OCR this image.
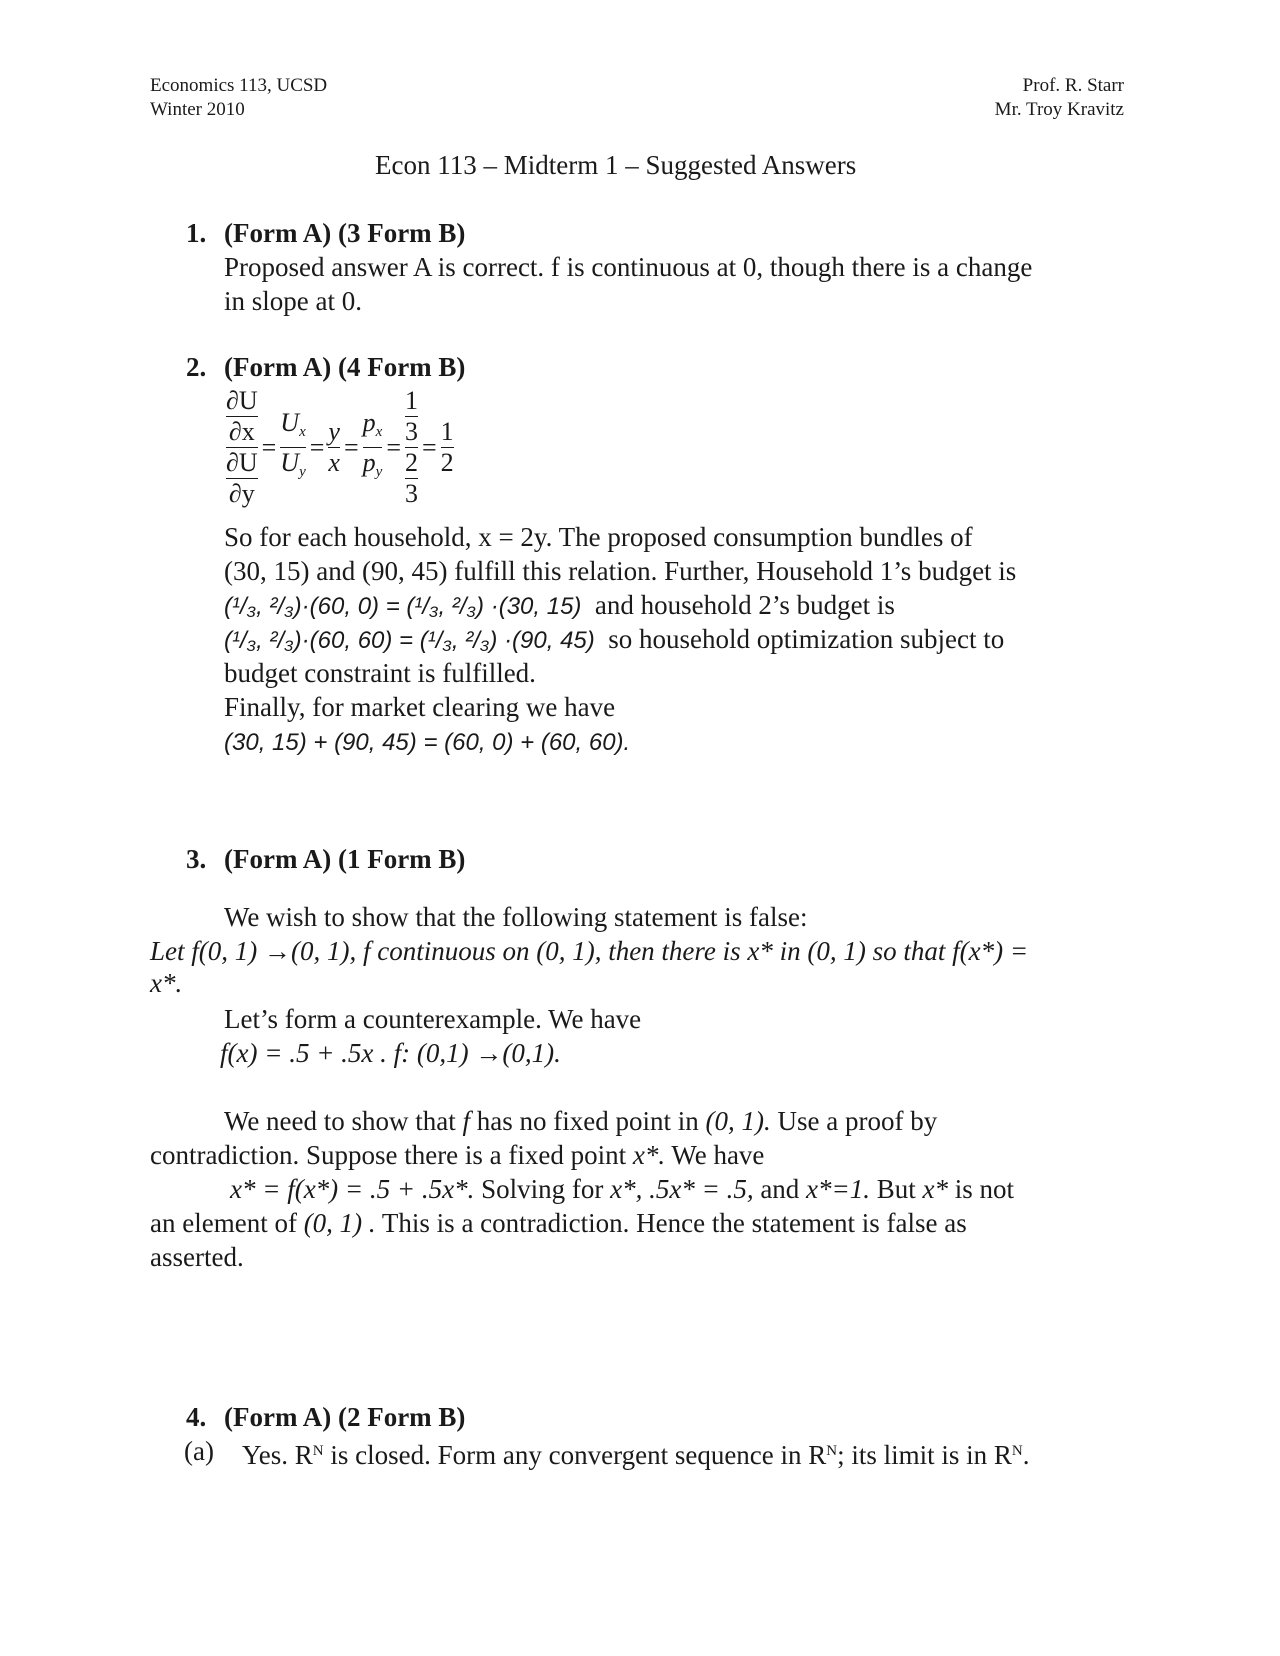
Economics 113, UCSD
Winter 2010
Prof. R. Starr
Mr. Troy Kravitz
Econ 113 – Midterm 1 – Suggested Answers
1. (Form A) (3 Form B)
Proposed answer A is correct. f is continuous at 0, though there is a change
in slope at 0.
2. (Form A) (4 Form B)
$\frac{\frac{\partial U}{\partial x}}{\frac{\partial U}{\partial y}} = \frac{U_x}{U_y} = \frac{y}{x} = \frac{p_x}{p_y} = \frac{\frac{1}{3}}{\frac{2}{3}} = \frac{1}{2}$
So for each household, x = 2y. The proposed consumption bundles of
(30, 15) and (90, 45) fulfill this relation. Further, Household 1’s budget is
(¹/₃, ²/₃)·(60, 0) = (¹/₃, ²/₃) ·(30, 15) and household 2’s budget is
(¹/₃, ²/₃)·(60, 60) = (¹/₃, ²/₃) ·(90, 45) so household optimization subject to
budget constraint is fulfilled.
Finally, for market clearing we have
(30, 15) + (90, 45) = (60, 0) + (60, 60).
3. (Form A) (1 Form B)
We wish to show that the following statement is false:
Let f(0, 1) →(0, 1), f continuous on (0, 1), then there is x* in (0, 1) so that f(x*) =
x*.
Let’s form a counterexample. We have
f(x) = .5 + .5x . f: (0,1) →(0,1).
We need to show that f has no fixed point in (0, 1). Use a proof by
contradiction. Suppose there is a fixed point x*. We have
x* = f(x*) = .5 + .5x*. Solving for x*, .5x* = .5, and x*=1. But x* is not
an element of (0, 1) . This is a contradiction. Hence the statement is false as
asserted.
4. (Form A) (2 Form B)
(a) Yes. $R^N$ is closed. Form any convergent sequence in $R^N$; its limit is in $R^N$.
